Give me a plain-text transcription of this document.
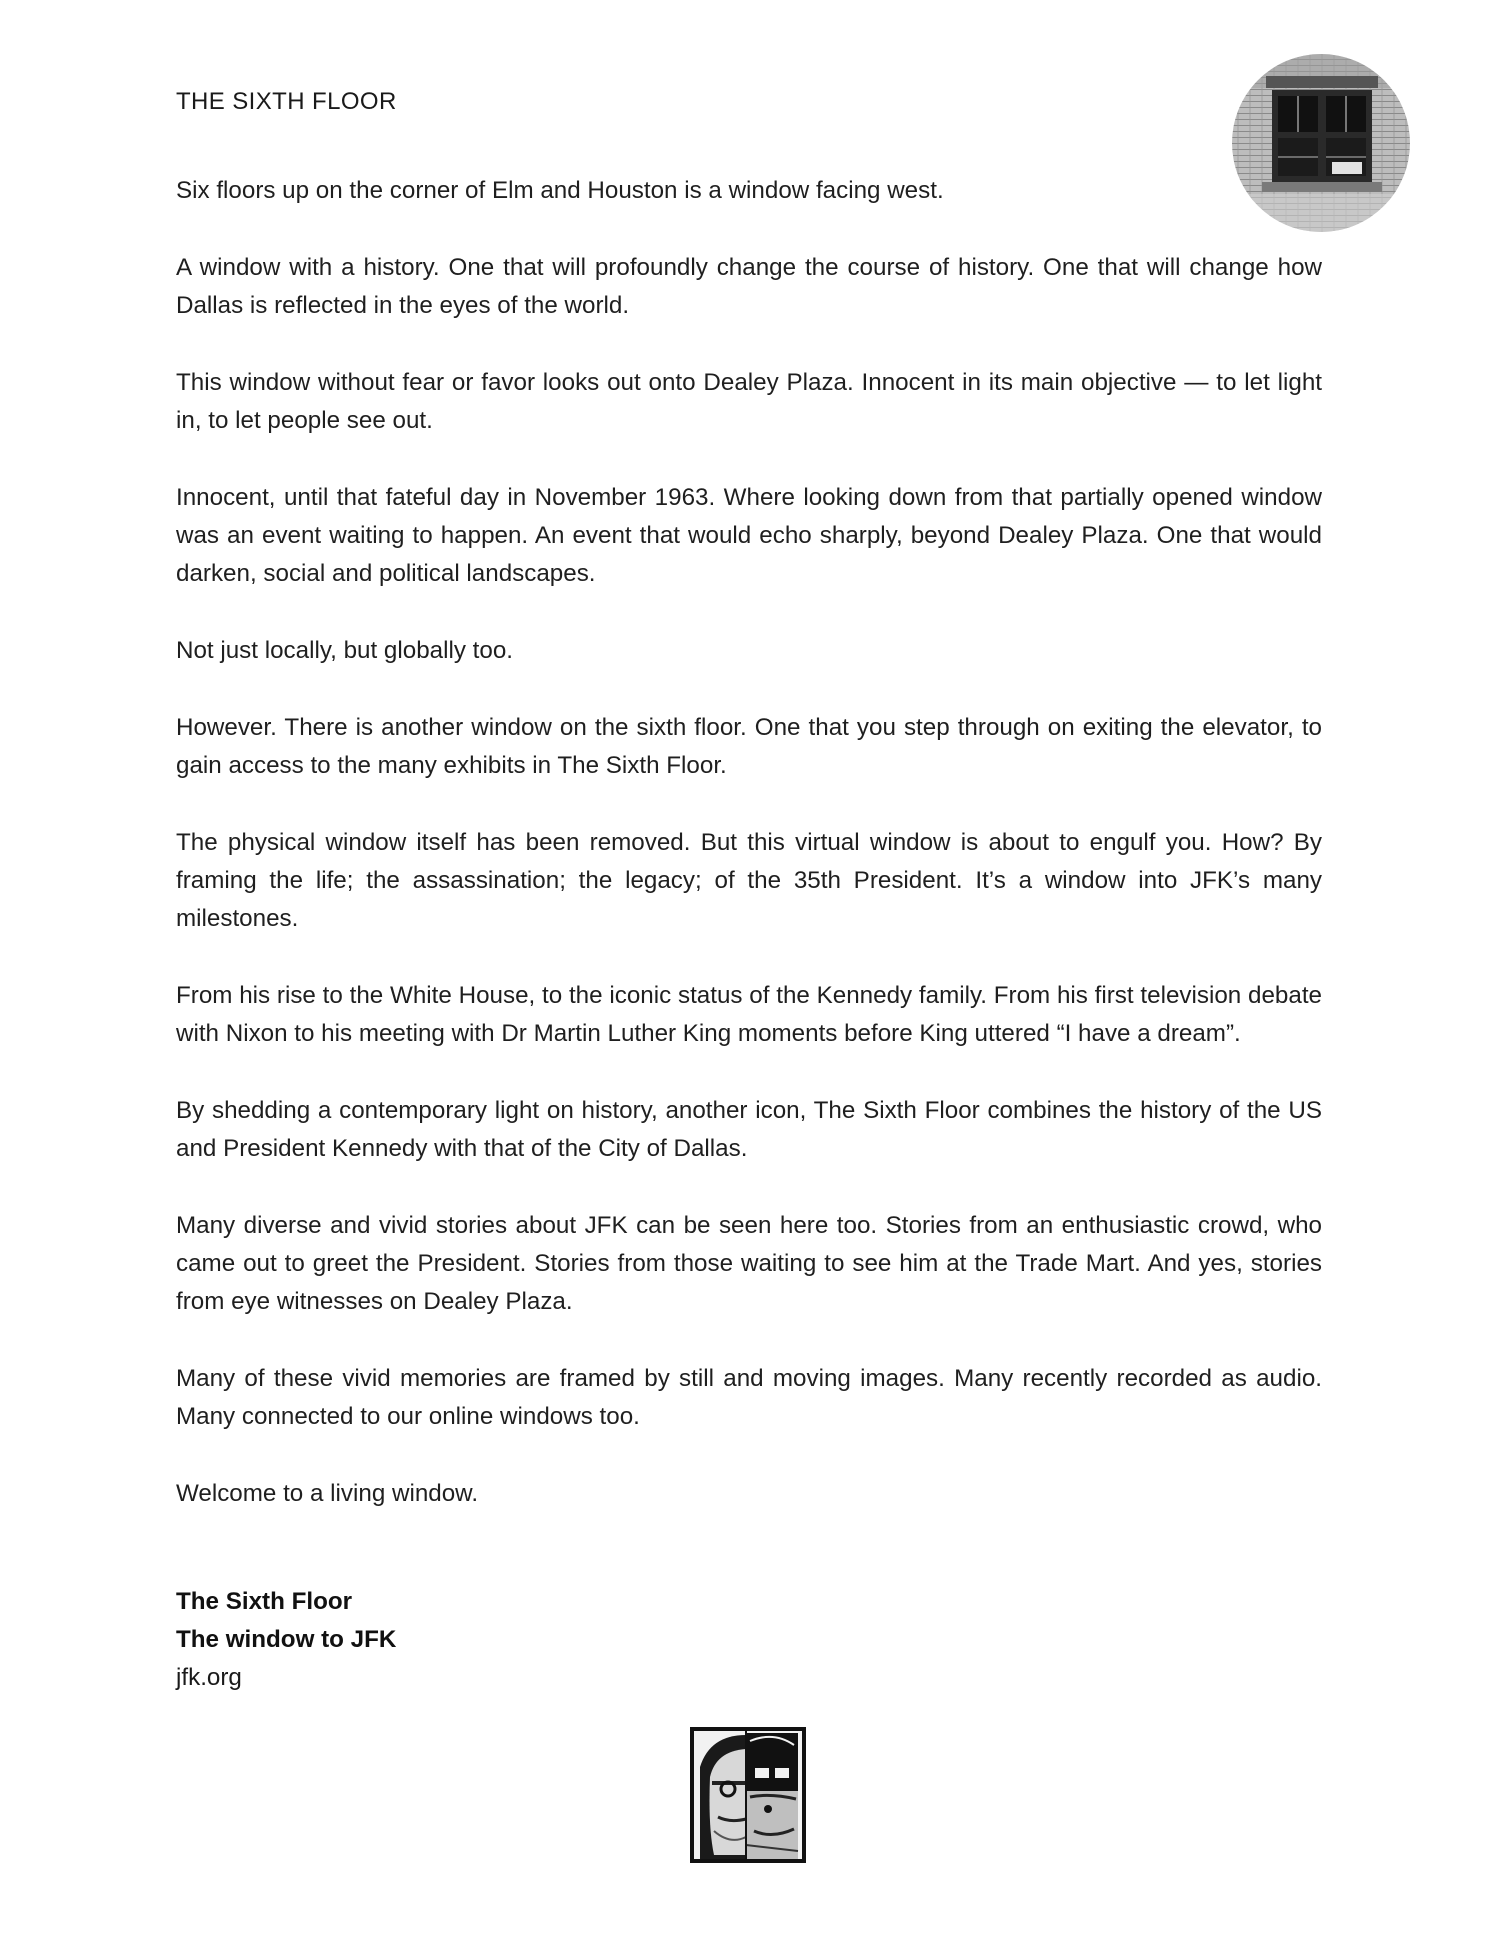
THE SIXTH FLOOR

Six floors up on the corner of Elm and Houston is a window facing west.

A window with a history. One that will profoundly change the course of history. One that will change how Dallas is reflected in the eyes of the world.

This window without fear or favor looks out onto Dealey Plaza. Innocent in its main objective — to let light in, to let people see out.

Innocent, until that fateful day in November 1963. Where looking down from that partially opened window was an event waiting to happen. An event that would echo sharply, beyond Dealey Plaza. One that would darken, social and political landscapes.

Not just locally, but globally too.

However. There is another window on the sixth floor. One that you step through on exiting the elevator, to gain access to the many exhibits in The Sixth Floor.

The physical window itself has been removed. But this virtual window is about to engulf you. How? By framing the life; the assassination; the legacy; of the 35th President. It’s a window into JFK’s many milestones.

From his rise to the White House, to the iconic status of the Kennedy family. From his first television debate with Nixon to his meeting with Dr Martin Luther King moments before King uttered “I have a dream”.

By shedding a contemporary light on history, another icon, The Sixth Floor combines the history of the US and President Kennedy with that of the City of Dallas.

Many diverse and vivid stories about JFK can be seen here too. Stories from an enthusiastic crowd, who came out to greet the President. Stories from those waiting to see him at the Trade Mart. And yes, stories from eye witnesses on Dealey Plaza.

Many of these vivid memories are framed by still and moving images. Many recently recorded as audio. Many connected to our online windows too.

Welcome to a living window.

The Sixth Floor
The window to JFK
jfk.org
